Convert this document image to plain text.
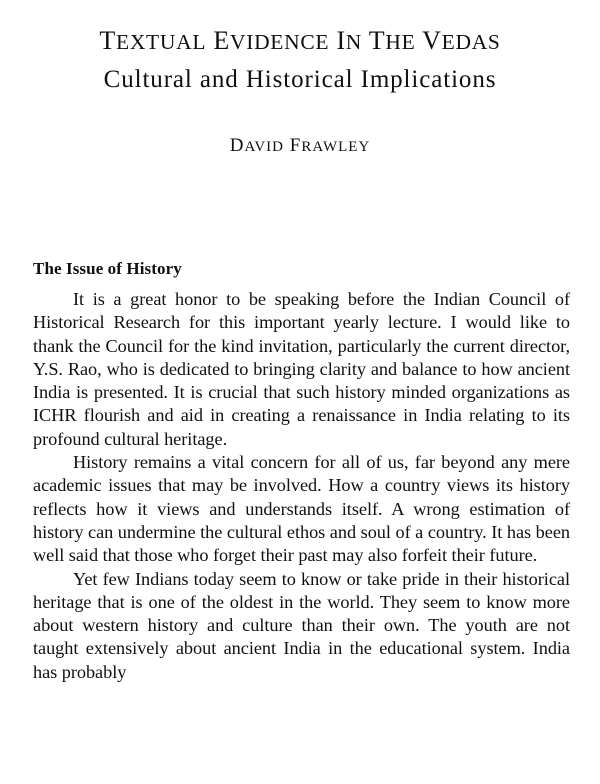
TEXTUAL EVIDENCE IN THE VEDAS
Cultural and Historical Implications
DAVID FRAWLEY
The Issue of History

It is a great honor to be speaking before the Indian Council of Historical Research for this important yearly lecture. I would like to thank the Council for the kind invitation, particularly the current director, Y.S. Rao, who is dedicated to bringing clarity and balance to how ancient India is presented. It is crucial that such history minded organizations as ICHR flourish and aid in creating a renaissance in India relating to its profound cultural heritage.

History remains a vital concern for all of us, far beyond any mere academic issues that may be involved. How a country views its history reflects how it views and understands itself. A wrong estimation of history can undermine the cultural ethos and soul of a country. It has been well said that those who forget their past may also forfeit their future.

Yet few Indians today seem to know or take pride in their historical heritage that is one of the oldest in the world. They seem to know more about western history and culture than their own. The youth are not taught extensively about ancient India in the educational system. India has probably
